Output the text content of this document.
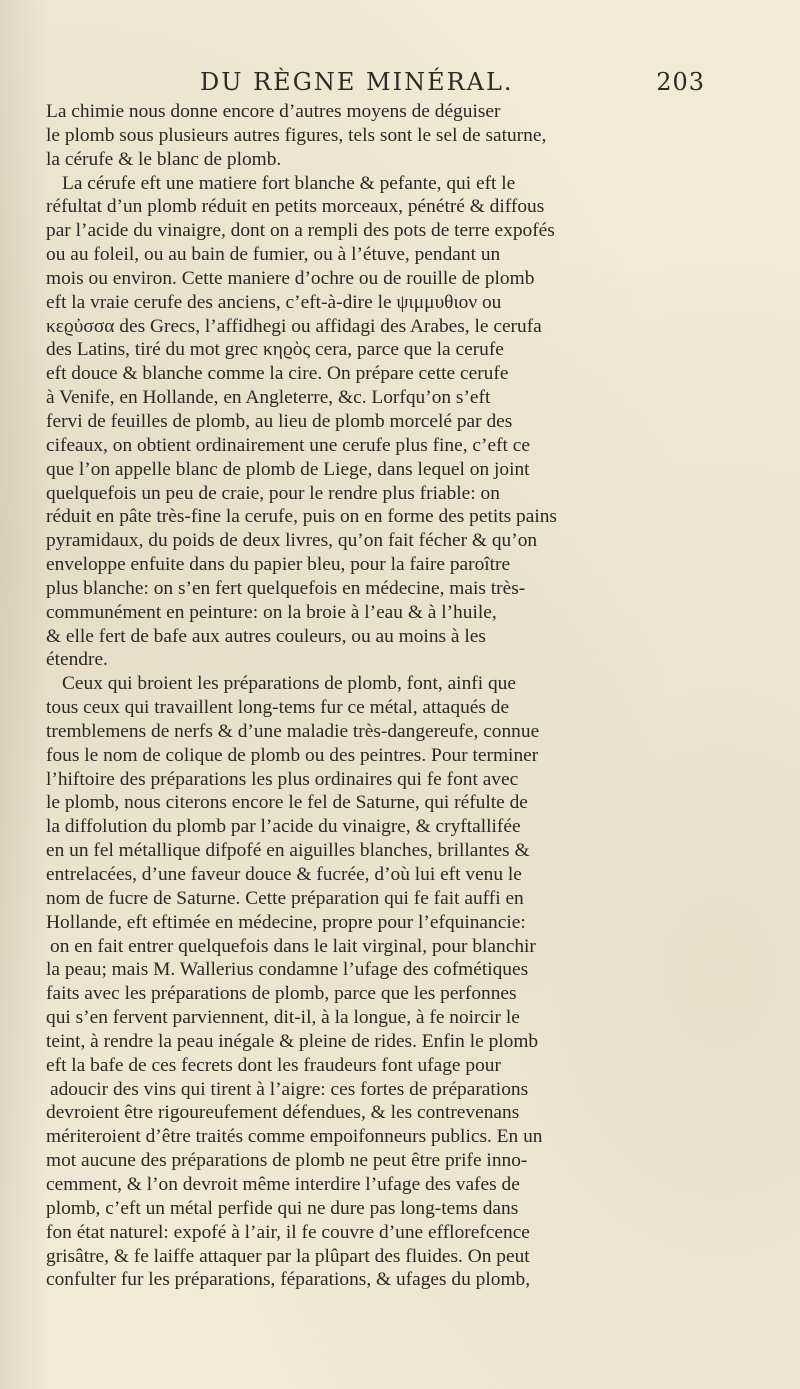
DU RÈGNE MINÉRAL.	203
La chimie nous donne encore d’autres moyens de déguiser
le plomb sous plusieurs autres figures, tels sont le sel de saturne,
la cérufe & le blanc de plomb.
La cérufe eft une matiere fort blanche & pefante, qui eft le
réfultat d’un plomb réduit en petits morceaux, pénétré & diffous
par l’acide du vinaigre, dont on a rempli des pots de terre expofés
ou au foleil, ou au bain de fumier, ou à l’étuve, pendant un
mois ou environ. Cette maniere d’ochre ou de rouille de plomb
eft la vraie cerufe des anciens, c’eft-à-dire le ψιμμυθιον ou
κεϱὐσσα des Grecs, l’affidhegi ou affidagi des Arabes, le cerufa
des Latins, tiré du mot grec κηϱὸς cera, parce que la cerufe
eft douce & blanche comme la cire. On prépare cette cerufe
à Venife, en Hollande, en Angleterre, &c. Lorfqu’on s’eft
fervi de feuilles de plomb, au lieu de plomb morcelé par des
cifeaux, on obtient ordinairement une cerufe plus fine, c’eft ce
que l’on appelle blanc de plomb de Liege, dans lequel on joint
quelquefois un peu de craie, pour le rendre plus friable: on
réduit en pâte très-fine la cerufe, puis on en forme des petits pains
pyramidaux, du poids de deux livres, qu’on fait fécher & qu’on
enveloppe enfuite dans du papier bleu, pour la faire paroître
plus blanche: on s’en fert quelquefois en médecine, mais très-
communément en peinture: on la broie à l’eau & à l’huile,
& elle fert de bafe aux autres couleurs, ou au moins à les
étendre.
Ceux qui broient les préparations de plomb, font, ainfi que
tous ceux qui travaillent long-tems fur ce métal, attaqués de
tremblemens de nerfs & d’une maladie très-dangereufe, connue
fous le nom de colique de plomb ou des peintres. Pour terminer
l’hiftoire des préparations les plus ordinaires qui fe font avec
le plomb, nous citerons encore le fel de Saturne, qui réfulte de
la diffolution du plomb par l’acide du vinaigre, & cryftallifée
en un fel métallique difpofé en aiguilles blanches, brillantes &
entrelacées, d’une faveur douce & fucrée, d’où lui eft venu le
nom de fucre de Saturne. Cette préparation qui fe fait auffi en
Hollande, eft eftimée en médecine, propre pour l’efquinancie:
on en fait entrer quelquefois dans le lait virginal, pour blanchir
la peau; mais M. Wallerius condamne l’ufage des cofmétiques
faits avec les préparations de plomb, parce que les perfonnes
qui s’en fervent parviennent, dit-il, à la longue, à fe noircir le
teint, à rendre la peau inégale & pleine de rides. Enfin le plomb
eft la bafe de ces fecrets dont les fraudeurs font ufage pour
adoucir des vins qui tirent à l’aigre: ces fortes de préparations
devroient être rigoureufement défendues, & les contrevenans
mériteroient d’être traités comme empoifonneurs publics. En un
mot aucune des préparations de plomb ne peut être prife inno-
cemment, & l’on devroit même interdire l’ufage des vafes de
plomb, c’eft un métal perfide qui ne dure pas long-tems dans
fon état naturel: expofé à l’air, il fe couvre d’une efflorefcence
grisâtre, & fe laiffe attaquer par la plûpart des fluides. On peut
confulter fur les préparations, féparations, & ufages du plomb,
